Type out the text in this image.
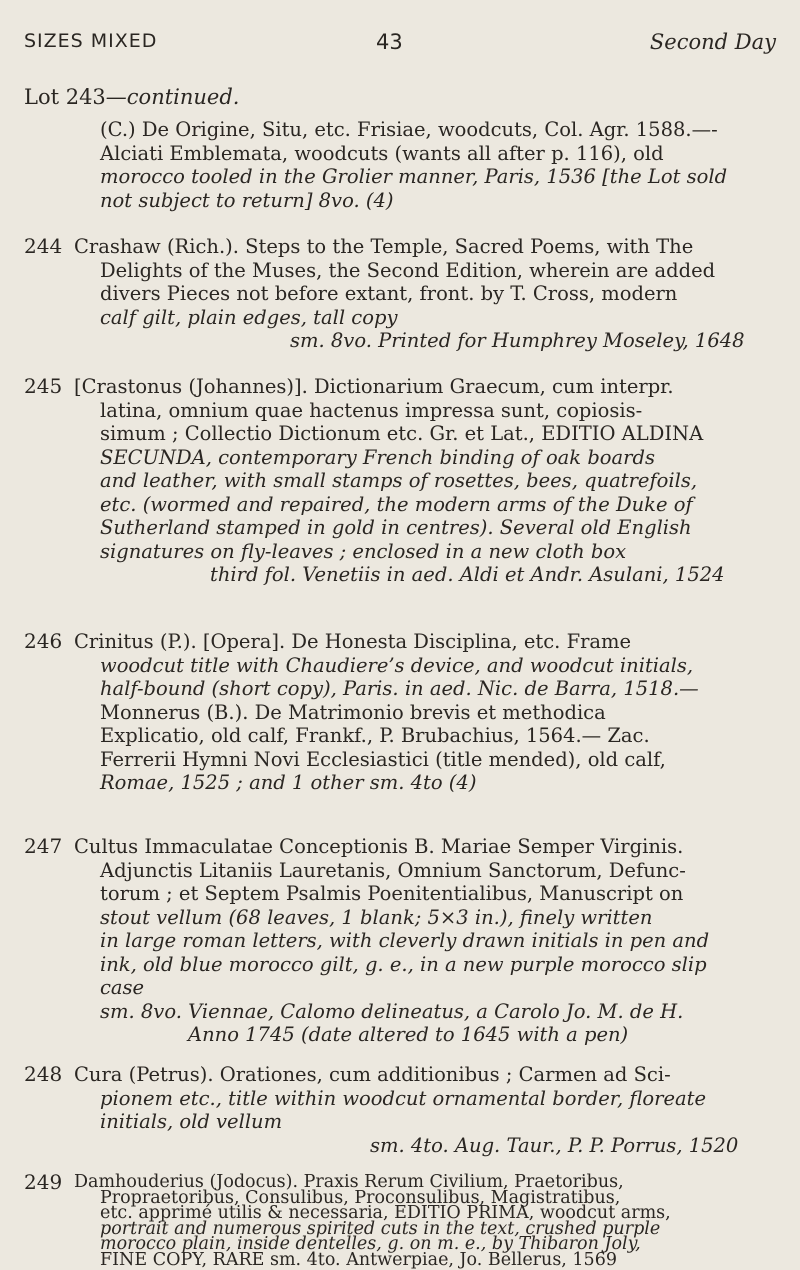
SIZES MIXED	43	Second Day
Lot 243—continued.
(C.) De Origine, Situ, etc. Frisiae, woodcuts, Col. Agr. 1588.—-
Alciati Emblemata, woodcuts (wants all after p. 116), old
morocco tooled in the Grolier manner, Paris, 1536 [the Lot sold
not subject to return] 8vo. (4)
244 Crashaw (Rich.). Steps to the Temple, Sacred Poems, with The
Delights of the Muses, the Second Edition, wherein are added
divers Pieces not before extant, front. by T. Cross, modern
calf gilt, plain edges, tall copy
sm. 8vo. Printed for Humphrey Moseley, 1648
245 [Crastonus (Johannes)]. Dictionarium Graecum, cum interpr.
latina, omnium quae hactenus impressa sunt, copiosis-
simum ; Collectio Dictionum etc. Gr. et Lat., EDITIO ALDINA
SECUNDA, contemporary French binding of oak boards
and leather, with small stamps of rosettes, bees, quatrefoils,
etc. (wormed and repaired, the modern arms of the Duke of
Sutherland stamped in gold in centres). Several old English
signatures on fly-leaves ; enclosed in a new cloth box
third fol. Venetiis in aed. Aldi et Andr. Asulani, 1524
246 Crinitus (P.). [Opera]. De Honesta Disciplina, etc. Frame
woodcut title with Chaudiere’s device, and woodcut initials,
half-bound (short copy), Paris. in aed. Nic. de Barra, 1518.—
Monnerus (B.). De Matrimonio brevis et methodica
Explicatio, old calf, Frankf., P. Brubachius, 1564.— Zac.
Ferrerii Hymni Novi Ecclesiastici (title mended), old calf,
Romae, 1525 ; and 1 other sm. 4to (4)
247 Cultus Immaculatae Conceptionis B. Mariae Semper Virginis.
Adjunctis Litaniis Lauretanis, Omnium Sanctorum, Defunc-
torum ; et Septem Psalmis Poenitentialibus, Manuscript on
stout vellum (68 leaves, 1 blank; 5×3 in.), finely written
in large roman letters, with cleverly drawn initials in pen and
ink, old blue morocco gilt, g. e., in a new purple morocco slip
case
sm. 8vo. Viennae, Calomo delineatus, a Carolo Jo. M. de H.
Anno 1745 (date altered to 1645 with a pen)
248 Cura (Petrus). Orationes, cum additionibus ; Carmen ad Sci-
pionem etc., title within woodcut ornamental border, floreate
initials, old vellum
sm. 4to. Aug. Taur., P. P. Porrus, 1520
249 Damhouderius (Jodocus). Praxis Rerum Civilium, Praetoribus,
Propraetoribus, Consulibus, Proconsulibus, Magistratibus,
etc. apprimé utilis & necessaria, EDITIO PRIMA, woodcut arms,
portrait and numerous spirited cuts in the text, crushed purple
morocco plain, inside dentelles, g. on m. e., by Thibaron Joly,
FINE COPY, RARE sm. 4to. Antwerpiae, Jo. Bellerus, 1569
